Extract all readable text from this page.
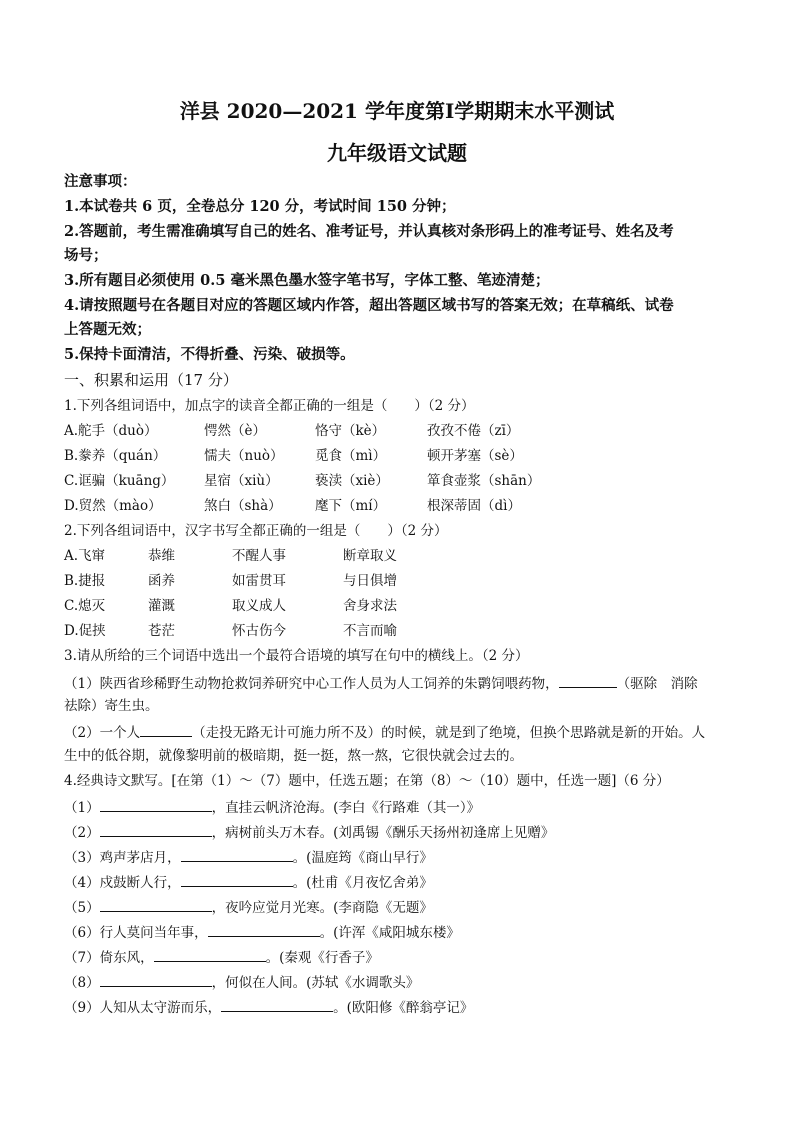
洋县 2020—2021 学年度第Ⅰ学期期末水平测试
九年级语文试题
注意事项：
1.本试卷共 6 页，全卷总分 120 分，考试时间 150 分钟；
2.答题前，考生需准确填写自己的姓名、准考证号，并认真核对条形码上的准考证号、姓名及考
场号；
3.所有题目必须使用 0.5 毫米黑色墨水签字笔书写，字体工整、笔迹清楚；
4.请按照题号在各题目对应的答题区域内作答，超出答题区域书写的答案无效；在草稿纸、试卷
上答题无效；
5.保持卡面清洁，不得折叠、污染、破损等。
一、积累和运用（17 分）
1.下列各组词语中，加点字的读音全都正确的一组是（　　）（2 分）
A.舵手（duò）	愕然（è）	恪守（kè）	孜孜不倦（zī）
B.豢养（quán）	懦夫（nuò） 觅食（mì）	顿开茅塞（sè）
C.诓骗（kuāng） 星宿（xiù）	亵渎（xiè）	箪食壶浆（shān）
D.贸然（mào）	煞白（shà） 麾下（mí）	根深蒂固（dì）
2.下列各组词语中，汉字书写全都正确的一组是（　　）（2 分）
A.飞窜	恭维	不醒人事	断章取义
B.捷报	函养	如雷贯耳	与日俱增
C.熄灭	灌溉	取义成人	舍身求法
D.促挟	苍茫	怀古伤今	不言而喻
3.请从所给的三个词语中选出一个最符合语境的填写在句中的横线上。（2 分）
（1）陕西省珍稀野生动物抢救饲养研究中心工作人员为人工饲养的朱鹮饲喂药物，	（驱除　消除
祛除）寄生虫。
（2）一个人	（走投无路无计可施力所不及）的时候，就是到了绝境，但换个思路就是新的开始。人
生中的低谷期，就像黎明前的极暗期，挺一挺，熬一熬，它很快就会过去的。
4.经典诗文默写。[在第（1）～（7）题中，任选五题；在第（8）～（10）题中，任选一题]（6 分）
（1）	，直挂云帆济沧海。(李白《行路难（其一）》
（2）	，病树前头万木春。(刘禹锡《酬乐天扬州初逢席上见赠》
（3）鸡声茅店月，	。(温庭筠《商山早行》
（4）戍鼓断人行，	。(杜甫《月夜忆舍弟》
（5）	，夜吟应觉月光寒。(李商隐《无题》
（6）行人莫问当年事，	。(许浑《咸阳城东楼》
（7）倚东风，	。(秦观《行香子》
（8）	，何似在人间。(苏轼《水调歌头》
（9）人知从太守游而乐，	。(欧阳修《醉翁亭记》
